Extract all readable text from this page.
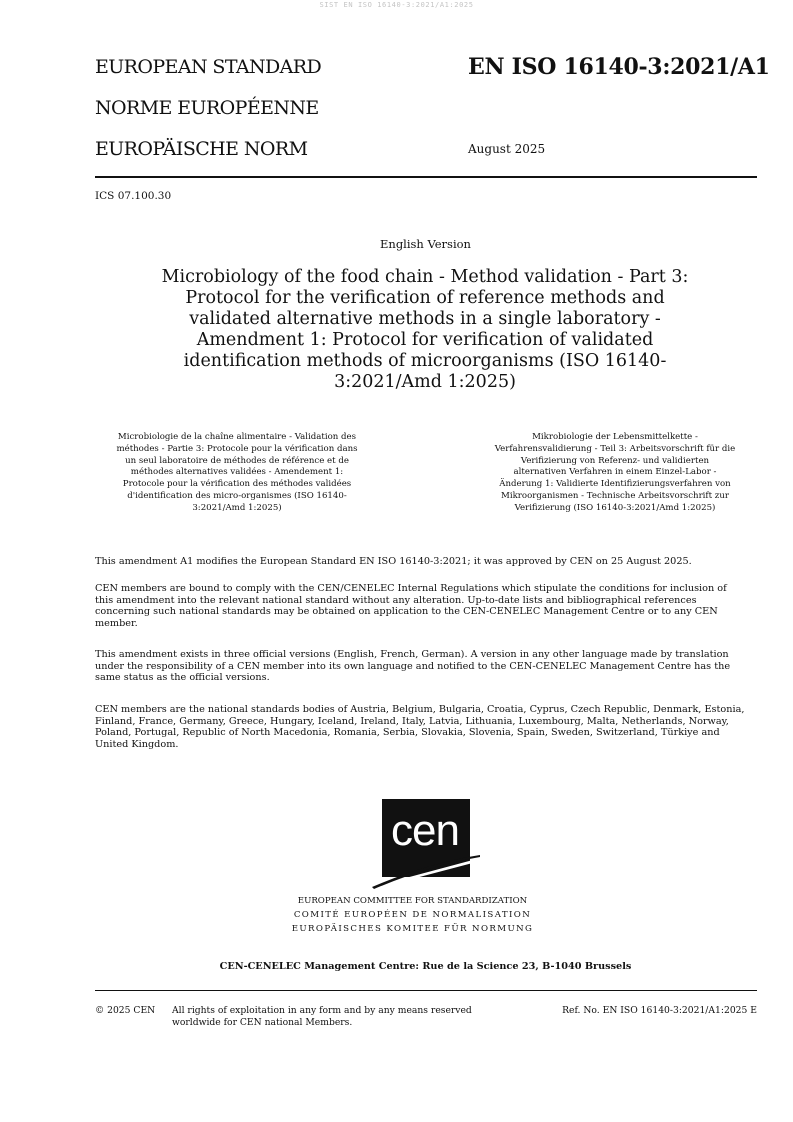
SIST EN ISO 16140-3:2021/A1:2025
EUROPEAN STANDARD
NORME EUROPÉENNE
EUROPÄISCHE NORM
EN ISO 16140-3:2021/A1
August 2025
ICS 07.100.30
English Version
Microbiology of the food chain - Method validation - Part 3:
Protocol for the verification of reference methods and
validated alternative methods in a single laboratory -
Amendment 1: Protocol for verification of validated
identification methods of microorganisms (ISO 16140-
3:2021/Amd 1:2025)
Microbiologie de la chaîne alimentaire - Validation des
méthodes - Partie 3: Protocole pour la vérification dans
un seul laboratoire de méthodes de référence et de
méthodes alternatives validées - Amendement 1:
Protocole pour la vérification des méthodes validées
d'identification des micro-organismes (ISO 16140-
3:2021/Amd 1:2025)
Mikrobiologie der Lebensmittelkette -
Verfahrensvalidierung - Teil 3: Arbeitsvorschrift für die
Verifizierung von Referenz- und validierten
alternativen Verfahren in einem Einzel-Labor -
Änderung 1: Validierte Identifizierungsverfahren von
Mikroorganismen - Technische Arbeitsvorschrift zur
Verifizierung (ISO 16140-3:2021/Amd 1:2025)
This amendment A1 modifies the European Standard EN ISO 16140-3:2021; it was approved by CEN on 25 August 2025.
CEN members are bound to comply with the CEN/CENELEC Internal Regulations which stipulate the conditions for inclusion of
this amendment into the relevant national standard without any alteration. Up-to-date lists and bibliographical references
concerning such national standards may be obtained on application to the CEN-CENELEC Management Centre or to any CEN
member.
This amendment exists in three official versions (English, French, German). A version in any other language made by translation
under the responsibility of a CEN member into its own language and notified to the CEN-CENELEC Management Centre has the
same status as the official versions.
CEN members are the national standards bodies of Austria, Belgium, Bulgaria, Croatia, Cyprus, Czech Republic, Denmark, Estonia,
Finland, France, Germany, Greece, Hungary, Iceland, Ireland, Italy, Latvia, Lithuania, Luxembourg, Malta, Netherlands, Norway,
Poland, Portugal, Republic of North Macedonia, Romania, Serbia, Slovakia, Slovenia, Spain, Sweden, Switzerland, Türkiye and
United Kingdom.
cen
EUROPEAN COMMITTEE FOR STANDARDIZATION
COMITÉ EUROPÉEN DE NORMALISATION
EUROPÄISCHES KOMITEE FÜR NORMUNG
CEN-CENELEC Management Centre: Rue de la Science 23, B-1040 Brussels
© 2025 CEN All rights of exploitation in any form and by any means reserved
worldwide for CEN national Members.
Ref. No. EN ISO 16140-3:2021/A1:2025 E
